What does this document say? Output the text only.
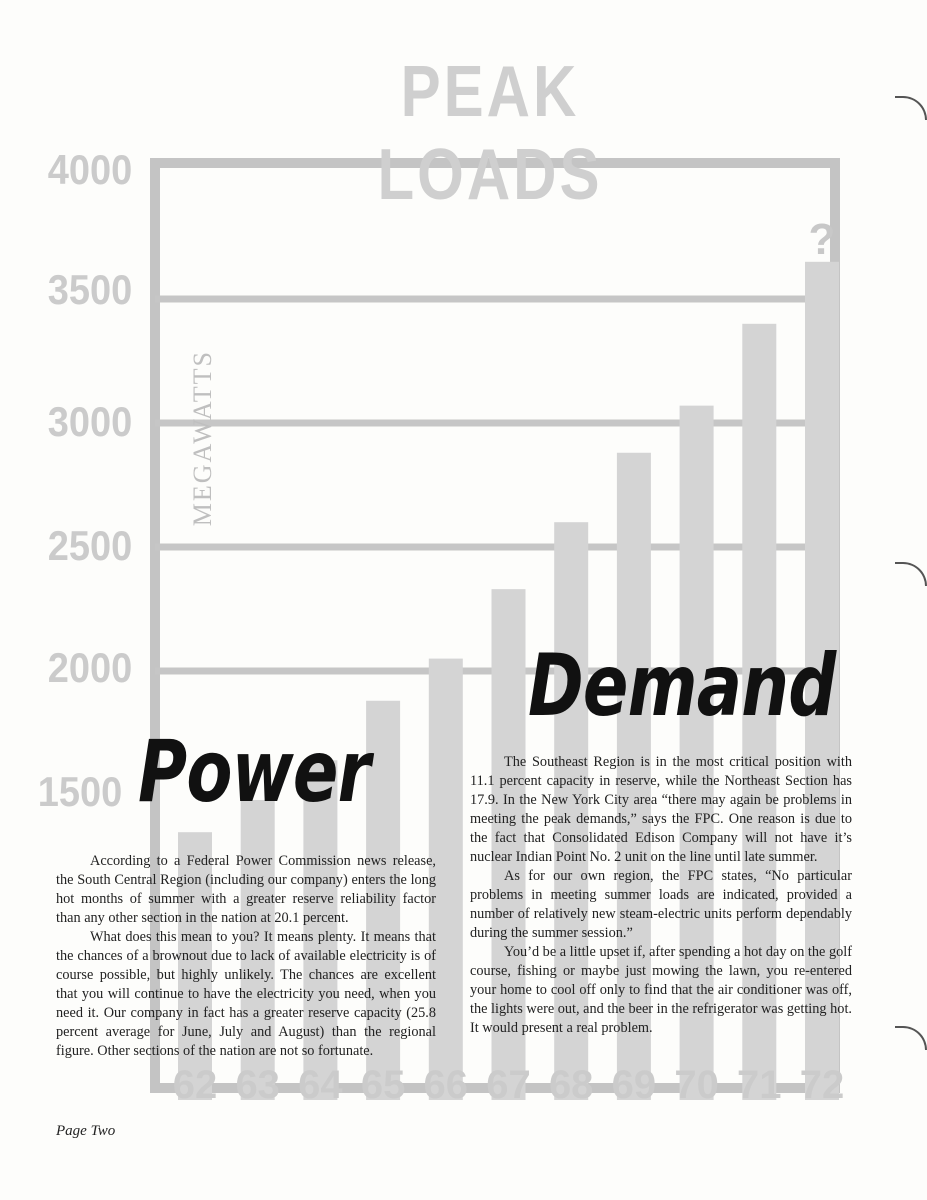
62 63 64 65 66 67 68 69 70 71 72
?
PEAK LOADS
4000
3500
3000
2500
2000
1500
MEGAWATTS
Power
Demand

According to a Federal Power Commission news release, the South Central Region (including our company) enters the long hot months of summer with a greater reserve reliability factor than any other section in the nation at 20.1 percent.

What does this mean to you? It means plenty. It means that the chances of a brownout due to lack of available electricity is of course possible, but highly unlikely. The chances are excellent that you will continue to have the electricity you need, when you need it. Our company in fact has a greater reserve capacity (25.8 percent average for June, July and August) than the regional figure. Other sections of the nation are not so fortunate.

The Southeast Region is in the most critical position with 11.1 percent capacity in reserve, while the Northeast Section has 17.9. In the New York City area “there may again be problems in meeting the peak demands,” says the FPC. One reason is due to the fact that Consolidated Edison Company will not have it’s nuclear Indian Point No. 2 unit on the line until late summer.

As for our own region, the FPC states, “No particular problems in meeting summer loads are indicated, provided a number of relatively new steam-electric units perform dependably during the summer session.”

You’d be a little upset if, after spending a hot day on the golf course, fishing or maybe just mowing the lawn, you re-entered your home to cool off only to find that the air conditioner was off, the lights were out, and the beer in the refrigerator was getting hot. It would present a real problem.

Page Two
